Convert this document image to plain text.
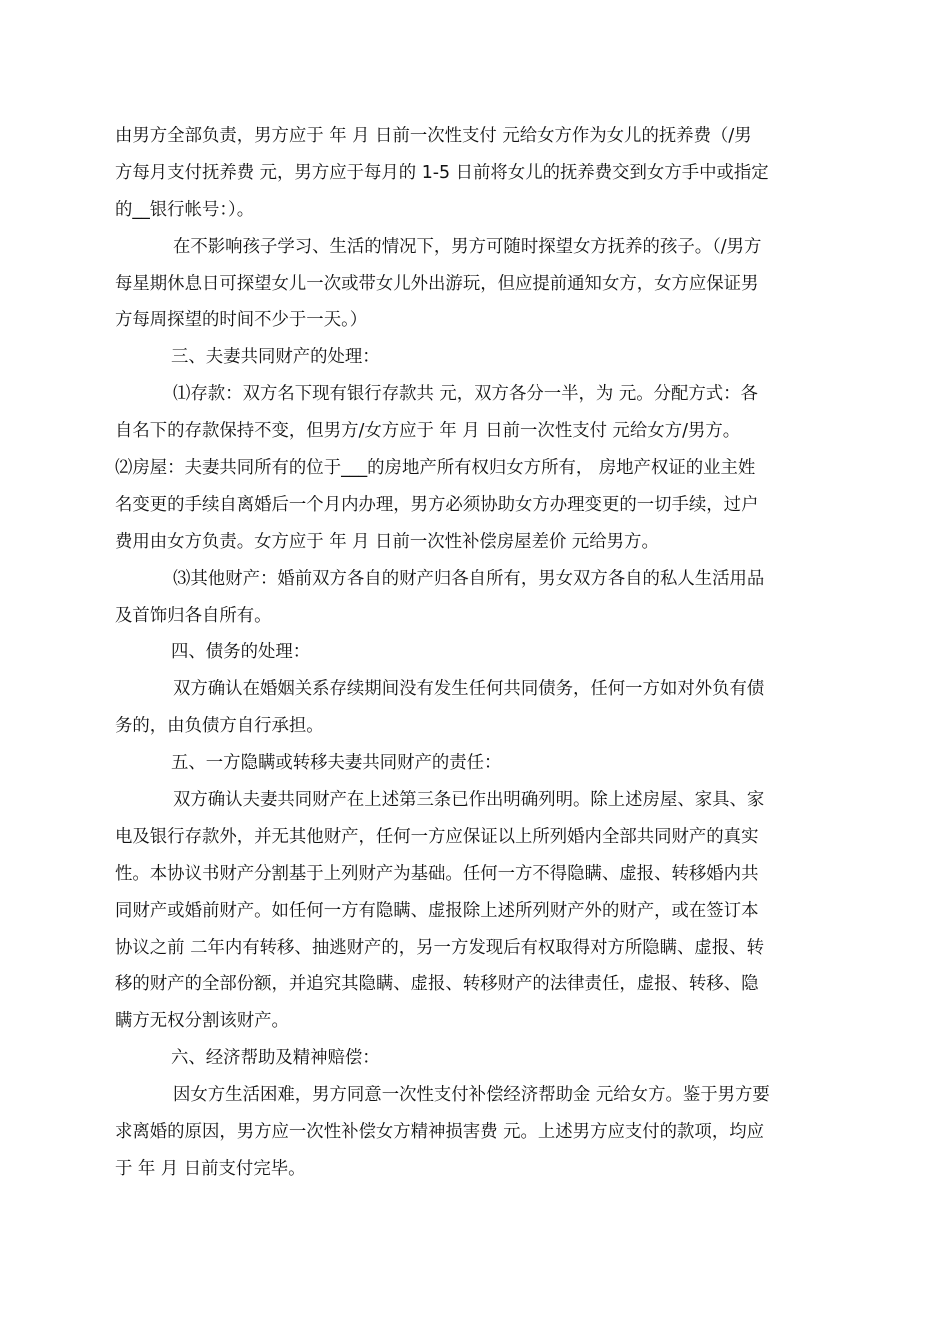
由男方全部负责，男方应于 年 月 日前一次性支付 元给女方作为女儿的抚养费（/男
方每月支付抚养费 元，男方应于每月的 1-5 日前将女儿的抚养费交到女方手中或指定
的__银行帐号：）。

在不影响孩子学习、生活的情况下，男方可随时探望女方抚养的孩子。（/男方
每星期休息日可探望女儿一次或带女儿外出游玩，但应提前通知女方，女方应保证男
方每周探望的时间不少于一天。）

三、夫妻共同财产的处理：

⑴存款：双方名下现有银行存款共 元，双方各分一半，为 元。分配方式：各
自名下的存款保持不变，但男方/女方应于 年 月 日前一次性支付 元给女方/男方。

⑵房屋：夫妻共同所有的位于___的房地产所有权归女方所有， 房地产权证的业主姓
名变更的手续自离婚后一个月内办理，男方必须协助女方办理变更的一切手续，过户
费用由女方负责。女方应于 年 月 日前一次性补偿房屋差价 元给男方。

⑶其他财产：婚前双方各自的财产归各自所有，男女双方各自的私人生活用品
及首饰归各自所有。

四、债务的处理：

双方确认在婚姻关系存续期间没有发生任何共同债务，任何一方如对外负有债
务的，由负债方自行承担。

五、一方隐瞒或转移夫妻共同财产的责任：

双方确认夫妻共同财产在上述第三条已作出明确列明。除上述房屋、家具、家
电及银行存款外，并无其他财产，任何一方应保证以上所列婚内全部共同财产的真实
性。本协议书财产分割基于上列财产为基础。任何一方不得隐瞒、虚报、转移婚内共
同财产或婚前财产。如任何一方有隐瞒、虚报除上述所列财产外的财产，或在签订本
协议之前 二年内有转移、抽逃财产的，另一方发现后有权取得对方所隐瞒、虚报、转
移的财产的全部份额，并追究其隐瞒、虚报、转移财产的法律责任，虚报、转移、隐
瞒方无权分割该财产。

六、经济帮助及精神赔偿：

因女方生活困难，男方同意一次性支付补偿经济帮助金 元给女方。鉴于男方要
求离婚的原因，男方应一次性补偿女方精神损害费 元。上述男方应支付的款项，均应
于 年 月 日前支付完毕。
